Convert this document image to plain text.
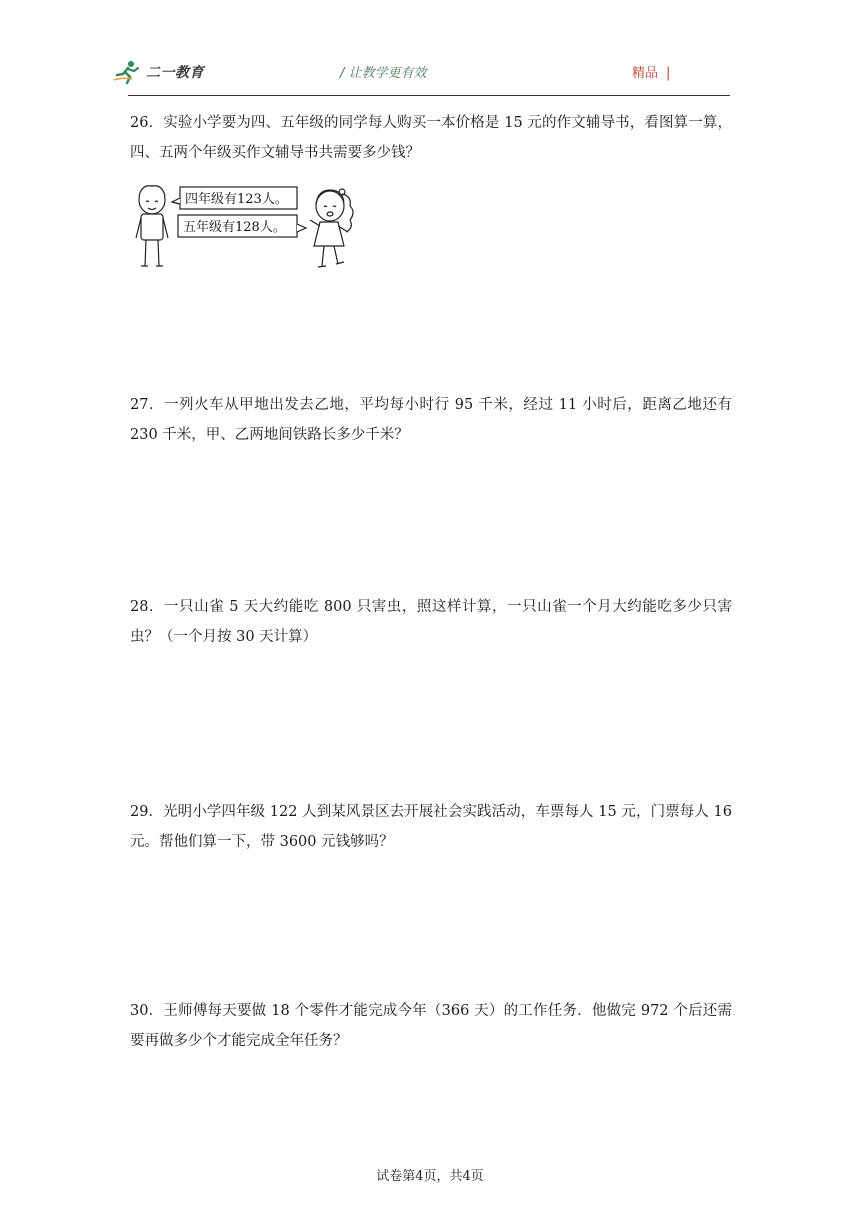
二一教育	/ 让教学更有效	精品 |
26．实验小学要为四、五年级的同学每人购买一本价格是 15 元的作文辅导书，看图算一算，四、五两个年级买作文辅导书共需要多少钱？
四年级有123人。
五年级有128人。
27．一列火车从甲地出发去乙地，平均每小时行 95 千米，经过 11 小时后，距离乙地还有 230 千米，甲、乙两地间铁路长多少千米？
28．一只山雀 5 天大约能吃 800 只害虫，照这样计算，一只山雀一个月大约能吃多少只害虫？（一个月按 30 天计算）
29．光明小学四年级 122 人到某风景区去开展社会实践活动，车票每人 15 元，门票每人 16 元。帮他们算一下，带 3600 元钱够吗？
30．王师傅每天要做 18 个零件才能完成今年（366 天）的工作任务．他做完 972 个后还需要再做多少个才能完成全年任务？
试卷第4页，共4页
